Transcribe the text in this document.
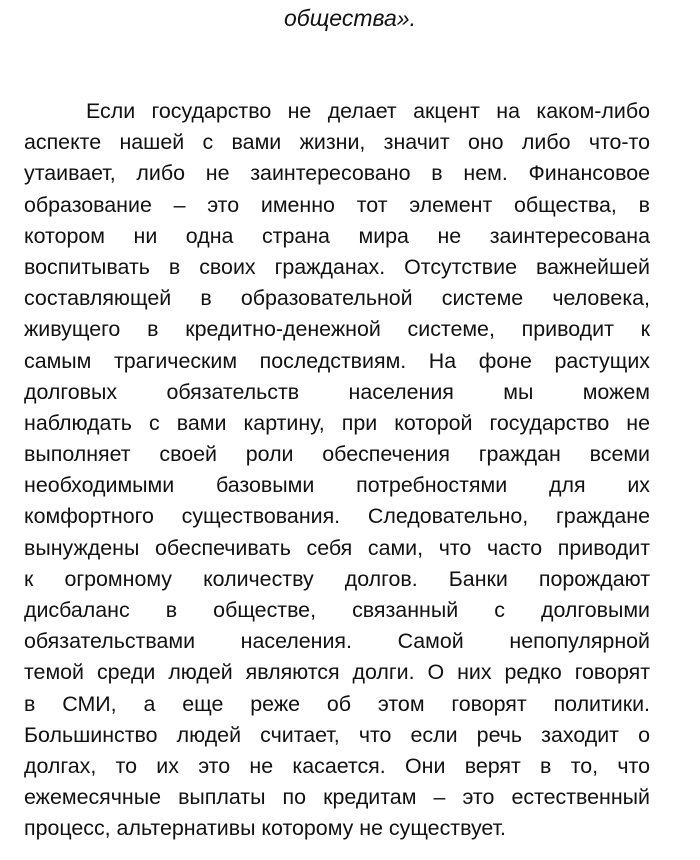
общества».

Если государство не делает акцент на каком-либо
аспекте нашей с вами жизни, значит оно либо что-то
утаивает, либо не заинтересовано в нем. Финансовое
образование – это именно тот элемент общества, в
котором ни одна страна мира не заинтересована
воспитывать в своих гражданах. Отсутствие важнейшей
составляющей в образовательной системе человека,
живущего в кредитно-денежной системе, приводит к
самым трагическим последствиям. На фоне растущих
долговых обязательств населения мы можем
наблюдать с вами картину, при которой государство не
выполняет своей роли обеспечения граждан всеми
необходимыми базовыми потребностями для их
комфортного существования. Следовательно, граждане
вынуждены обеспечивать себя сами, что часто приводит
к огромному количеству долгов. Банки порождают
дисбаланс в обществе, связанный с долговыми
обязательствами населения. Самой непопулярной
темой среди людей являются долги. О них редко говорят
в СМИ, а еще реже об этом говорят политики.
Большинство людей считает, что если речь заходит о
долгах, то их это не касается. Они верят в то, что
ежемесячные выплаты по кредитам – это естественный
процесс, альтернативы которому не существует.
